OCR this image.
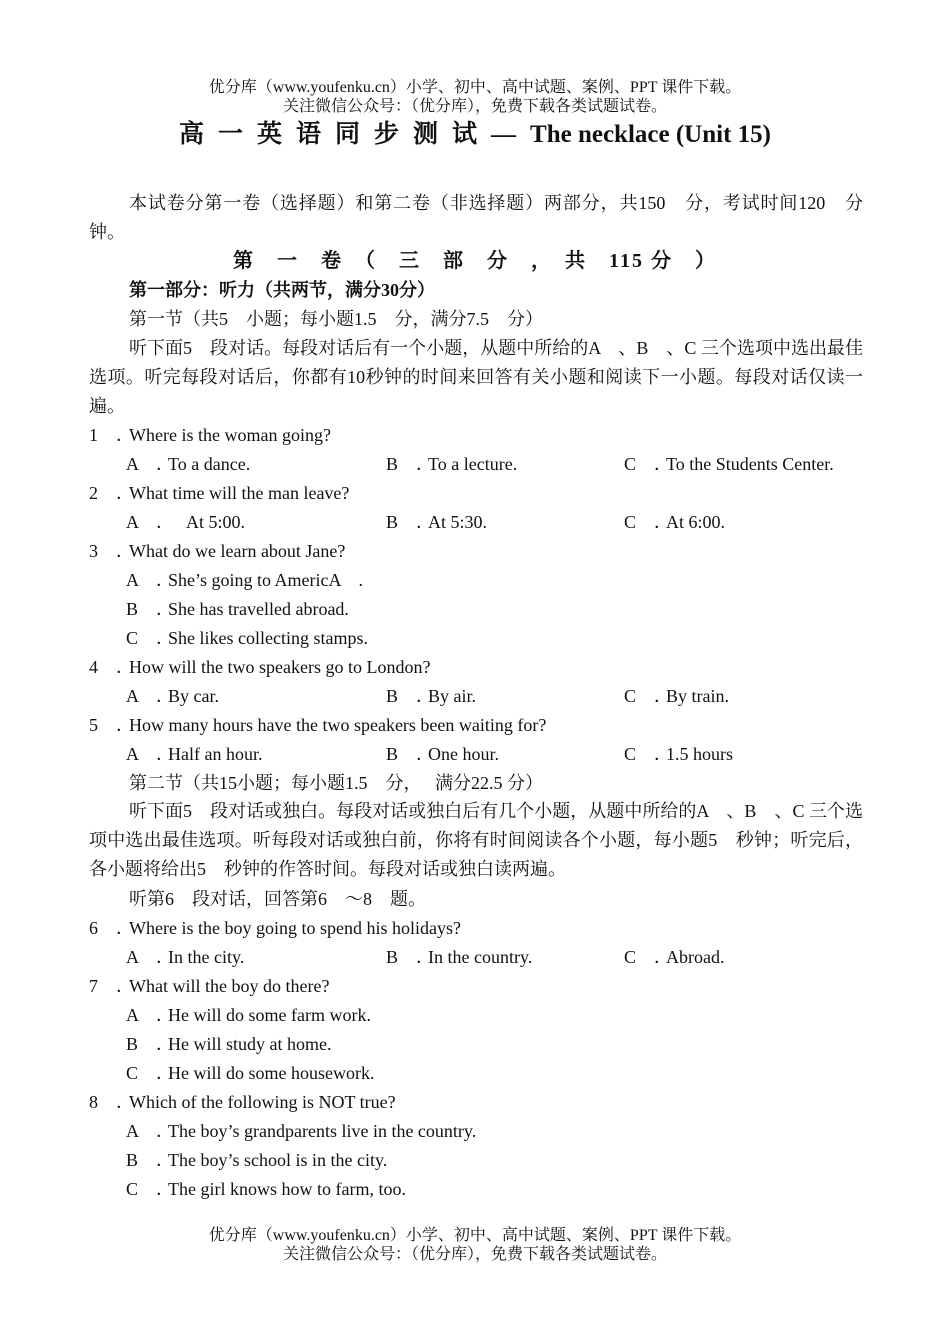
优分库（www.youfenku.cn）小学、初中、高中试题、案例、PPT 课件下载。
关注微信公众号：（优分库），免费下载各类试题试卷。
高一英语同步测试—The necklace (Unit 15)
本试卷分第一卷（选择题）和第二卷（非选择题）两部分，共150　分，考试时间120　分钟。
第　一　卷　（　三　部　分　，　共　115 分　）
第一部分：听力（共两节，满分30分）
第一节（共5　小题；每小题1.5　分，满分7.5　分）
听下面5　段对话。每段对话后有一个小题，从题中所给的A　、B　、C 三个选项中选出最佳选项。听完每段对话后，你都有10秒钟的时间来回答有关小题和阅读下一小题。每段对话仅读一遍。
1　．
Where is the woman going?
A　．To a dance.	B　．To a lecture.	C　．To the Students Center.
2　．
What time will the man leave?
A　．　At 5:00.	B　．At 5:30.	C　．At 6:00.
3　．
What do we learn about Jane?
A　．She’s going to AmericA　.
B　．She has travelled abroad.
C　．She likes collecting stamps.
4　．
How will the two speakers go to London?
A　．By car.	B　．By air.	C　．By train.
5　．
How many hours have the two speakers been waiting for?
A　．Half an hour.	B　．One hour.	C　．1.5 hours
第二节（共15小题；每小题1.5　分，　 满分22.5 分）
听下面5　段对话或独白。每段对话或独白后有几个小题，从题中所给的A　、B　、C 三个选项中选出最佳选项。听每段对话或独白前，你将有时间阅读各个小题，每小题5　秒钟；听完后，各小题将给出5　秒钟的作答时间。每段对话或独白读两遍。
听第6　段对话，回答第6　～8　题。
6　．
Where is the boy going to spend his holidays?
A　．In the city.	B　．In the country.	C　．Abroad.
7　．
What will the boy do there?
A　．He will do some farm work.
B　．He will study at home.
C　．He will do some housework.
8　．
Which of the following is NOT true?
A　．The boy’s grandparents live in the country.
B　．The boy’s school is in the city.
C　．The girl knows how to farm, too.
优分库（www.youfenku.cn）小学、初中、高中试题、案例、PPT 课件下载。
关注微信公众号：（优分库），免费下载各类试题试卷。
